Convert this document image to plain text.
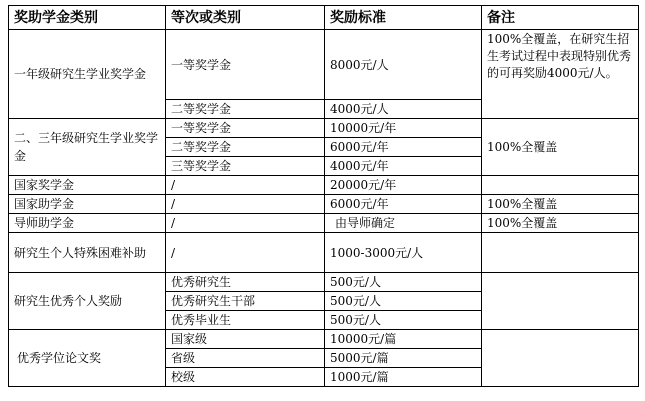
奖助学金类别	等次或类别	奖励标准	备注
一年级研究生学业奖学金	一等奖学金	8000元/人	100%全覆盖，在研究生招生考试过程中表现特别优秀的可再奖励4000元/人。
	二等奖学金	4000元/人	
二、三年级研究生学业奖学金	一等奖学金	10000元/年	100%全覆盖
	二等奖学金	6000元/年	
	三等奖学金	4000元/年	
国家奖学金	/	20000元/年	
国家助学金	/	6000元/年	100%全覆盖
导师助学金	/	由导师确定	100%全覆盖
研究生个人特殊困难补助	/	1000-3000元/人	
研究生优秀个人奖励	优秀研究生	500元/人	
	优秀研究生干部	500元/人	
	优秀毕业生	500元/人	
优秀学位论文奖	国家级	10000元/篇	
	省级	5000元/篇	
	校级	1000元/篇	
